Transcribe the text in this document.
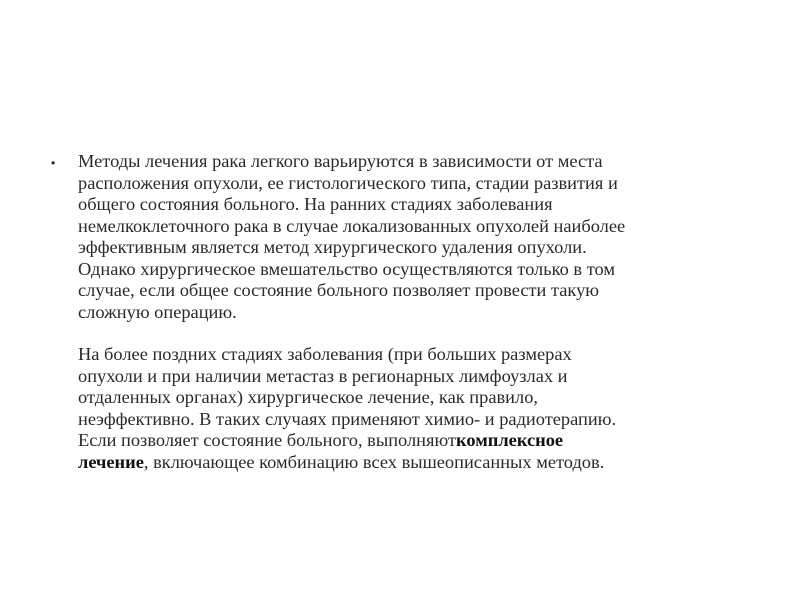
•	Методы лечения рака легкого варьируются в зависимости от места
расположения опухоли, ее гистологического типа, стадии развития и
общего состояния больного. На ранних стадиях заболевания
немелкоклеточного рака в случае локализованных опухолей наиболее
эффективным является метод хирургического удаления опухоли.
Однако хирургическое вмешательство осуществляются только в том
случае, если общее состояние больного позволяет провести такую
сложную операцию.
На более поздних стадиях заболевания (при больших размерах
опухоли и при наличии метастаз в регионарных лимфоузлах и
отдаленных органах) хирургическое лечение, как правило,
неэффективно. В таких случаях применяют химио- и радиотерапию.
Если позволяет состояние больного, выполняюткомплексное
лечение, включающее комбинацию всех вышеописанных методов.
